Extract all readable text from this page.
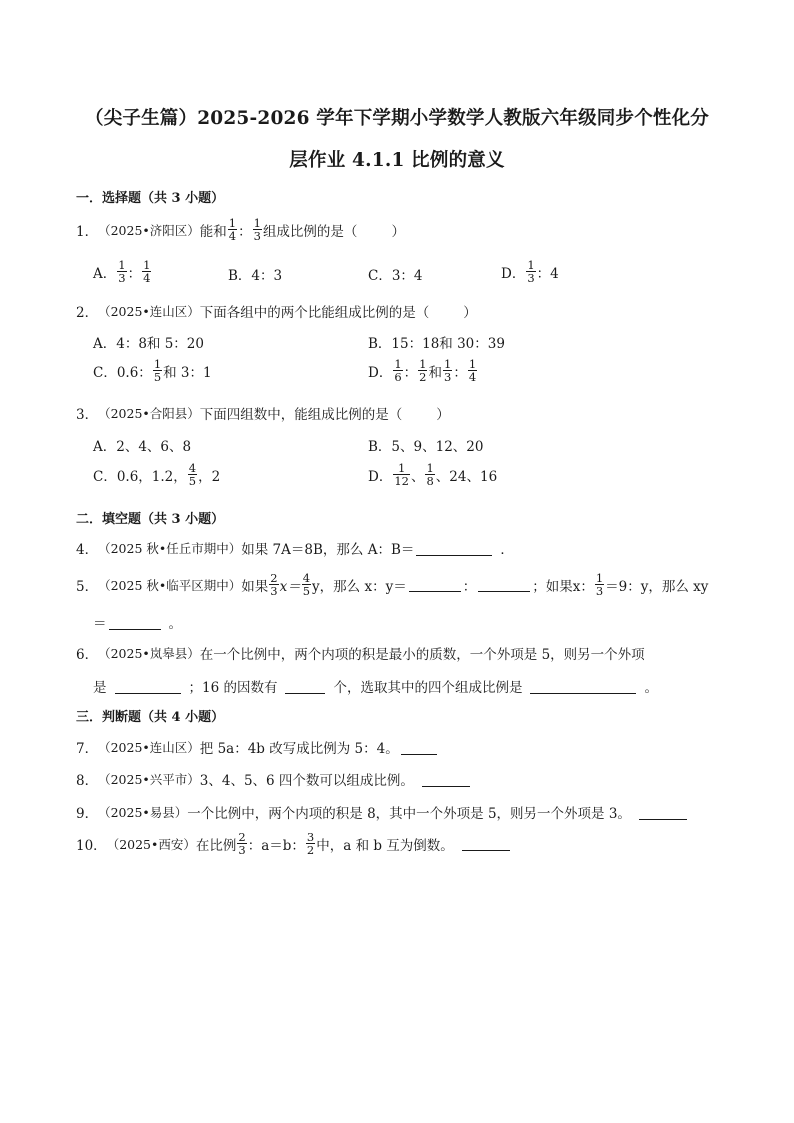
（尖子生篇）2025-2026 学年下学期小学数学人教版六年级同步个性化分
层作业 4.1.1 比例的意义
一．选择题（共 3 小题）
1． （2025•济阳区） 能和 $\frac{1}{4}$ ： $\frac{1}{3}$ 组成比例的是（	）
A． $\frac{1}{3}$ ： $\frac{1}{4}$	B．4：3	C．3：4	D． $\frac{1}{3}$ ：4
2． （2025•连山区） 下面各组中的两个比能组成比例的是（	）
A．4：8和 5：20	B．15：18和 30：39
C．0.6： $\frac{1}{5}$ 和 3：1	D． $\frac{1}{6}$ ： $\frac{1}{2}$ 和 $\frac{1}{3}$ ： $\frac{1}{4}$
3． （2025•合阳县） 下面四组数中，能组成比例的是（	）
A．2、4、6、8	B．5、9、12、20
C．0.6，1.2， $\frac{4}{5}$ ，2	D． $\frac{1}{12}$ 、 $\frac{1}{8}$ 、24、16
二．填空题（共 3 小题）
4． （2025 秋•任丘市期中） 如果 7A＝8B，那么 A：B＝	．
5． （2025 秋•临平区期中） 如果 $\frac{2}{3} x= \frac{4}{5}$ y，那么 x：y＝	：	；如果x： $\frac{1}{3} =9$：y，那么 xy
＝	。
6． （2025•岚皋县） 在一个比例中，两个内项的积是最小的质数，一个外项是 5，则另一个外项
是	；16 的因数有	个，选取其中的四个组成比例是	。
三．判断题（共 4 小题）
7． （2025•连山区） 把 5a：4b 改写成比例为 5：4。
8． （2025•兴平市） 3、4、5、6 四个数可以组成比例。
9． （2025•易县） 一个比例中，两个内项的积是 8，其中一个外项是 5，则另一个外项是 3。
10． （2025•西安） 在比例 $\frac{2}{3}$ ：a＝b： $\frac{3}{2}$ 中，a 和 b 互为倒数。
